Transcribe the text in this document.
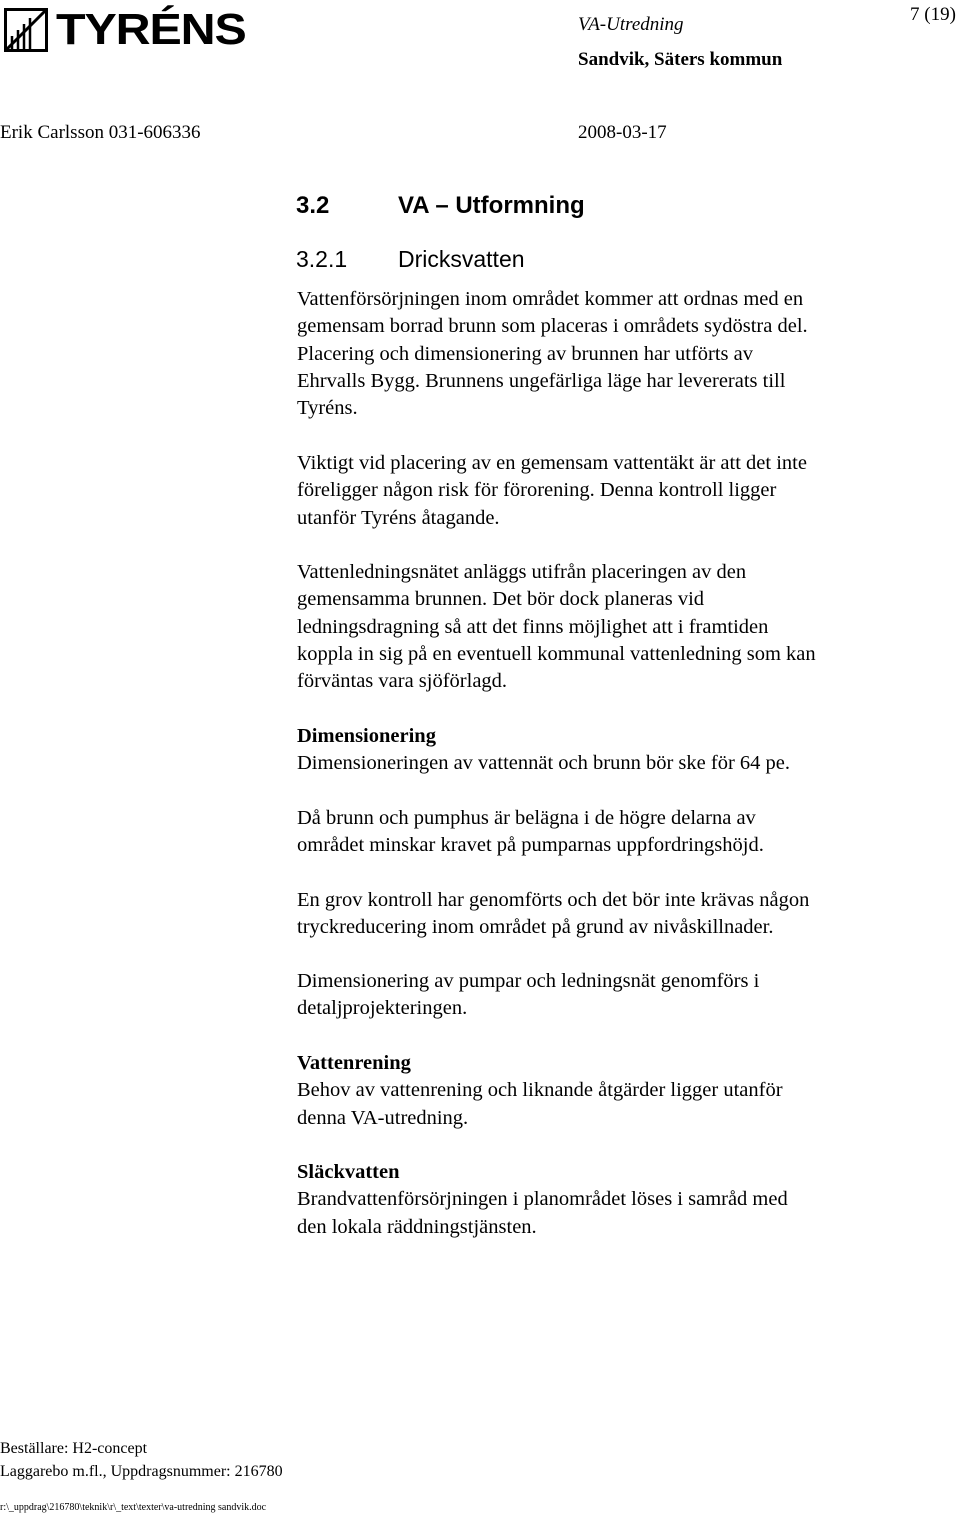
TYRÉNS	VA-Utredning
Sandvik, Säters kommun
7 (19)
Erik Carlsson 031-606336	2008-03-17
3.2	VA – Utformning
3.2.1 Dricksvatten
Vattenförsörjningen inom området kommer att ordnas med en
gemensam borrad brunn som placeras i områdets sydöstra del.
Placering och dimensionering av brunnen har utförts av
Ehrvalls Bygg. Brunnens ungefärliga läge har levererats till
Tyréns.
Viktigt vid placering av en gemensam vattentäkt är att det inte
föreligger någon risk för förorening. Denna kontroll ligger
utanför Tyréns åtagande.
Vattenledningsnätet anläggs utifrån placeringen av den
gemensamma brunnen. Det bör dock planeras vid
ledningsdragning så att det finns möjlighet att i framtiden
koppla in sig på en eventuell kommunal vattenledning som kan
förväntas vara sjöförlagd.
Dimensionering
Dimensioneringen av vattennät och brunn bör ske för 64 pe.
Då brunn och pumphus är belägna i de högre delarna av
området minskar kravet på pumparnas uppfordringshöjd.
En grov kontroll har genomförts och det bör inte krävas någon
tryckreducering inom området på grund av nivåskillnader.
Dimensionering av pumpar och ledningsnät genomförs i
detaljprojekteringen.
Vattenrening
Behov av vattenrening och liknande åtgärder ligger utanför
denna VA-utredning.
Släckvatten
Brandvattenförsörjningen i planområdet löses i samråd med
den lokala räddningstjänsten.
Beställare: H2-concept
Laggarebo m.fl., Uppdragsnummer: 216780
r:\_uppdrag\216780\teknik\r\_text\texter\va-utredning sandvik.doc
